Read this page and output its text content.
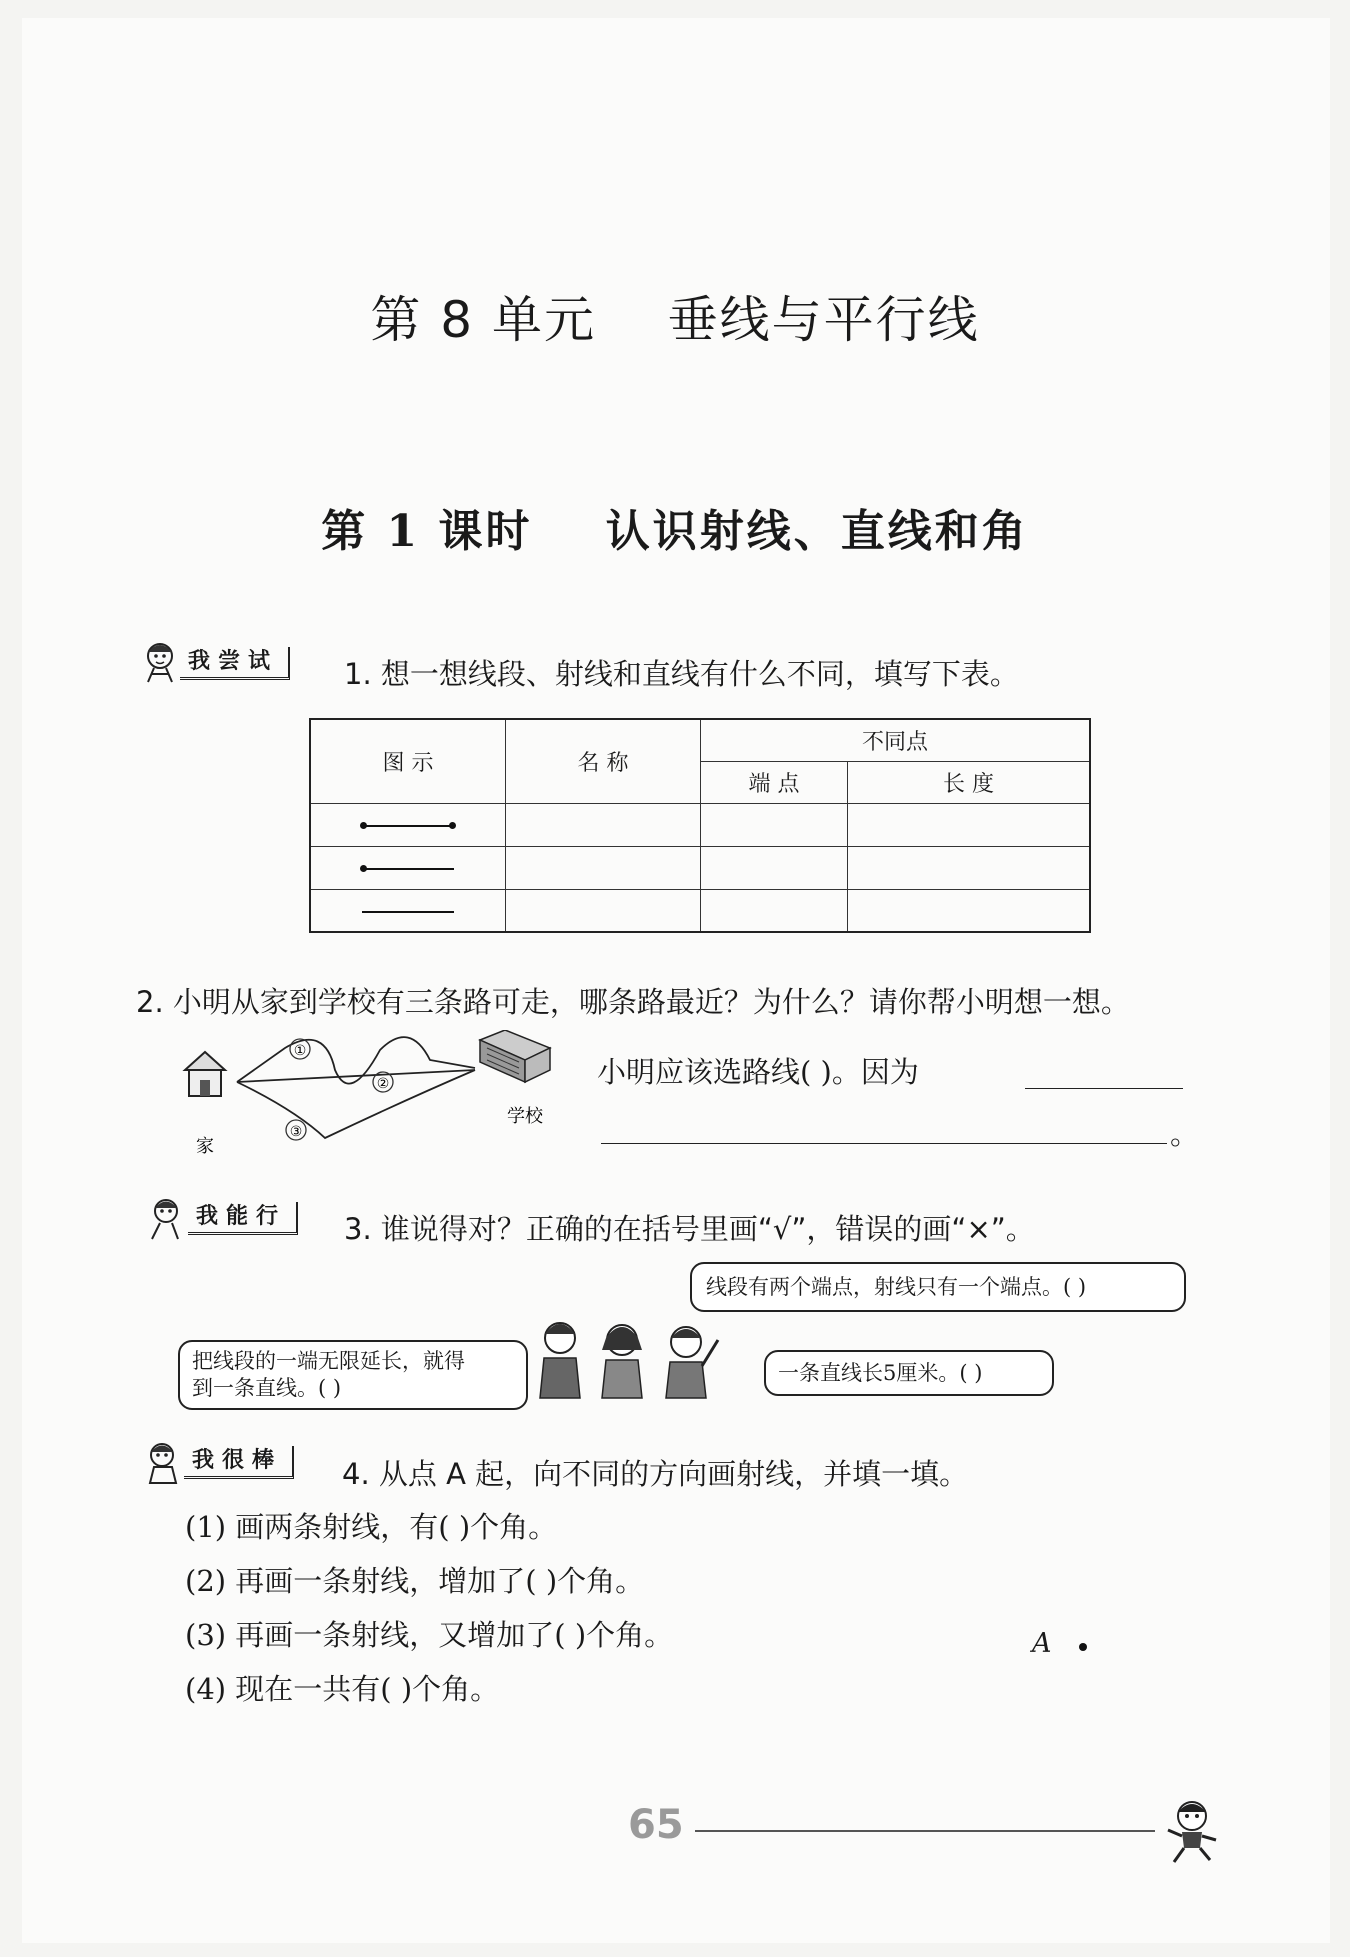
第 8 单元    垂线与平行线
第 1 课时    认识射线、直线和角
我尝试	1. 想一想线段、射线和直线有什么不同，填写下表。
图 示	名 称	不同点	
		端 点	长 度

2. 小明从家到学校有三条路可走，哪条路最近？为什么？请你帮小明想一想。
①
②
③
家
学校
小明应该选路线( )。因为
。
我能行	3. 谁说得对？正确的在括号里画“√”，错误的画“×”。
线段有两个端点，射线只有一个端点。( )
把线段的一端无限延长，就得
到一条直线。( )
一条直线长5厘米。( )
我很棒	4. 从点 A 起，向不同的方向画射线，并填一填。
(1) 画两条射线，有( )个角。
(2) 再画一条射线，增加了( )个角。
(3) 再画一条射线，又增加了( )个角。
(4) 现在一共有( )个角。
A
65
